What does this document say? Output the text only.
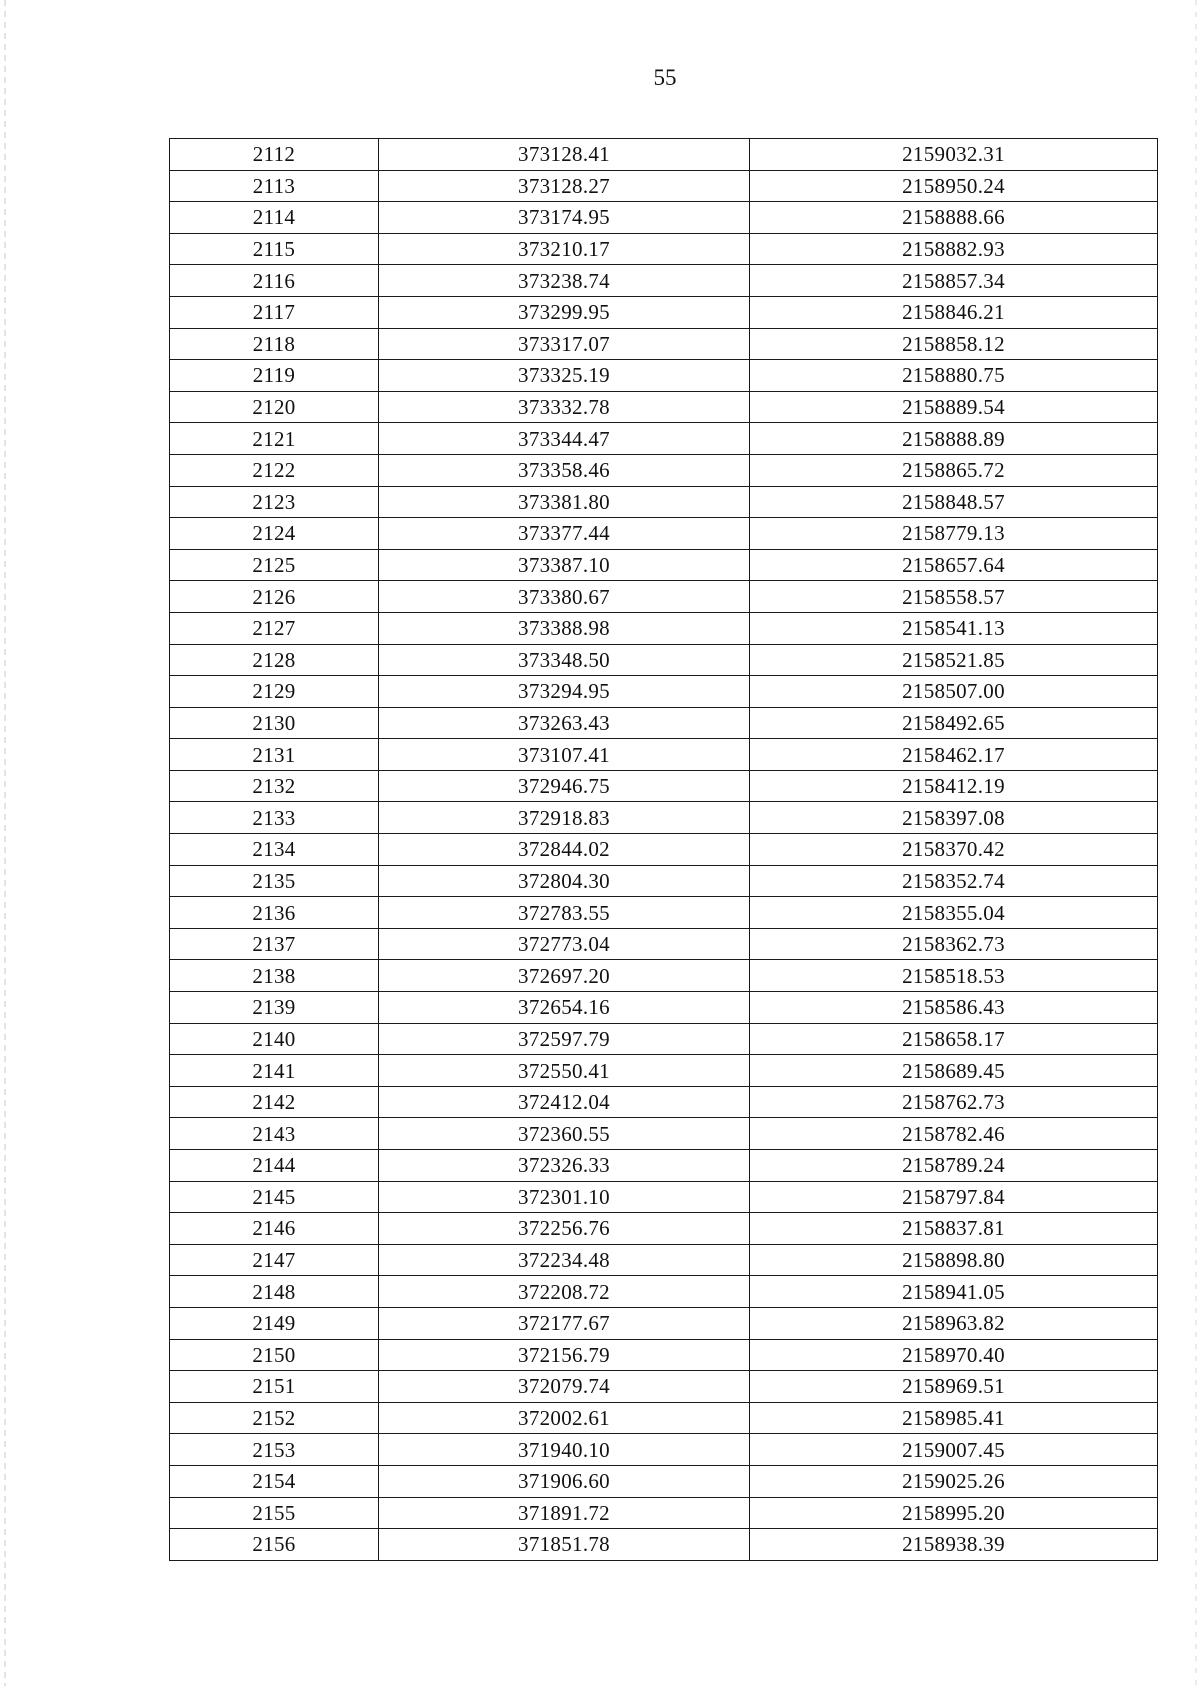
55
2112	373128.41	2159032.31
2113	373128.27	2158950.24
2114	373174.95	2158888.66
2115	373210.17	2158882.93
2116	373238.74	2158857.34
2117	373299.95	2158846.21
2118	373317.07	2158858.12
2119	373325.19	2158880.75
2120	373332.78	2158889.54
2121	373344.47	2158888.89
2122	373358.46	2158865.72
2123	373381.80	2158848.57
2124	373377.44	2158779.13
2125	373387.10	2158657.64
2126	373380.67	2158558.57
2127	373388.98	2158541.13
2128	373348.50	2158521.85
2129	373294.95	2158507.00
2130	373263.43	2158492.65
2131	373107.41	2158462.17
2132	372946.75	2158412.19
2133	372918.83	2158397.08
2134	372844.02	2158370.42
2135	372804.30	2158352.74
2136	372783.55	2158355.04
2137	372773.04	2158362.73
2138	372697.20	2158518.53
2139	372654.16	2158586.43
2140	372597.79	2158658.17
2141	372550.41	2158689.45
2142	372412.04	2158762.73
2143	372360.55	2158782.46
2144	372326.33	2158789.24
2145	372301.10	2158797.84
2146	372256.76	2158837.81
2147	372234.48	2158898.80
2148	372208.72	2158941.05
2149	372177.67	2158963.82
2150	372156.79	2158970.40
2151	372079.74	2158969.51
2152	372002.61	2158985.41
2153	371940.10	2159007.45
2154	371906.60	2159025.26
2155	371891.72	2158995.20
2156	371851.78	2158938.39
